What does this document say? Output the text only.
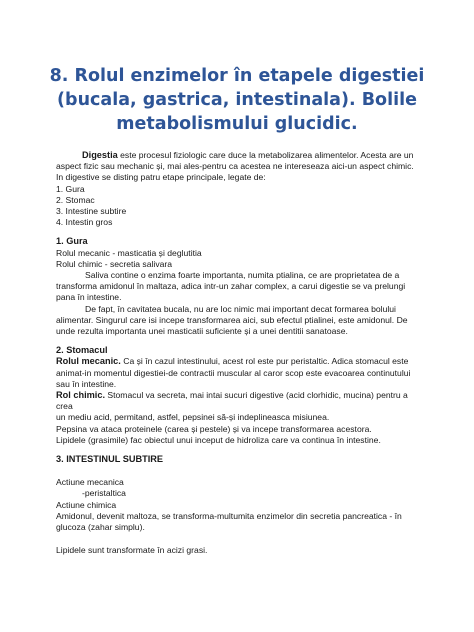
8. Rolul enzimelor în etapele digestiei
(bucala, gastrica, intestinala). Bolile
metabolismului glucidic.

Digestia este procesul fiziologic care duce la metabolizarea alimentelor. Acesta are un

aspect fizic sau mechanic și, mai ales-pentru ca acestea ne intereseaza aici-un aspect chimic.

In digestive se disting patru etape principale, legate de:

1. Gura

2. Stomac

3. Intestine subtire

4. Intestin gros

1. Gura

Rolul mecanic - masticatia și deglutitia

Rolul chimic - secretia salivara

Saliva contine o enzima foarte importanta, numita ptialina, ce are proprietatea de a

transforma amidonul în maltaza, adica intr-un zahar complex, a carui digestie se va prelungi

pana în intestine.

De fapt, în cavitatea bucala, nu are loc nimic mai important decat formarea bolului

alimentar. Singurul care isi incepe transformarea aici, sub efectul ptialinei, este amidonul. De

unde rezulta importanta unei masticatii suficiente și a unei dentitii sanatoase.

2. Stomacul

Rolul mecanic. Ca și în cazul intestinului, acest rol este pur peristaltic. Adica stomacul este

animat-in momentul digestiei-de contractii muscular al caror scop este evacoarea continutului

sau în intestine.

Rol chimic. Stomacul va secreta, mai intai sucuri digestive (acid clorhidic, mucina) pentru a crea

un mediu acid, permitand, astfel, pepsinei să-și indeplineasca misiunea.

Pepsina va ataca proteinele (carea și pestele) și va incepe transformarea acestora.

Lipidele (grasimile) fac obiectul unui inceput de hidroliza care va continua în intestine.

3. INTESTINUL SUBTIRE

Actiune mecanica

-peristaltica

Actiune chimica

Amidonul, devenit maltoza, se transforma-multumita enzimelor din secretia pancreatica - în

glucoza (zahar simplu).

Lipidele sunt transformate în acizi grasi.
